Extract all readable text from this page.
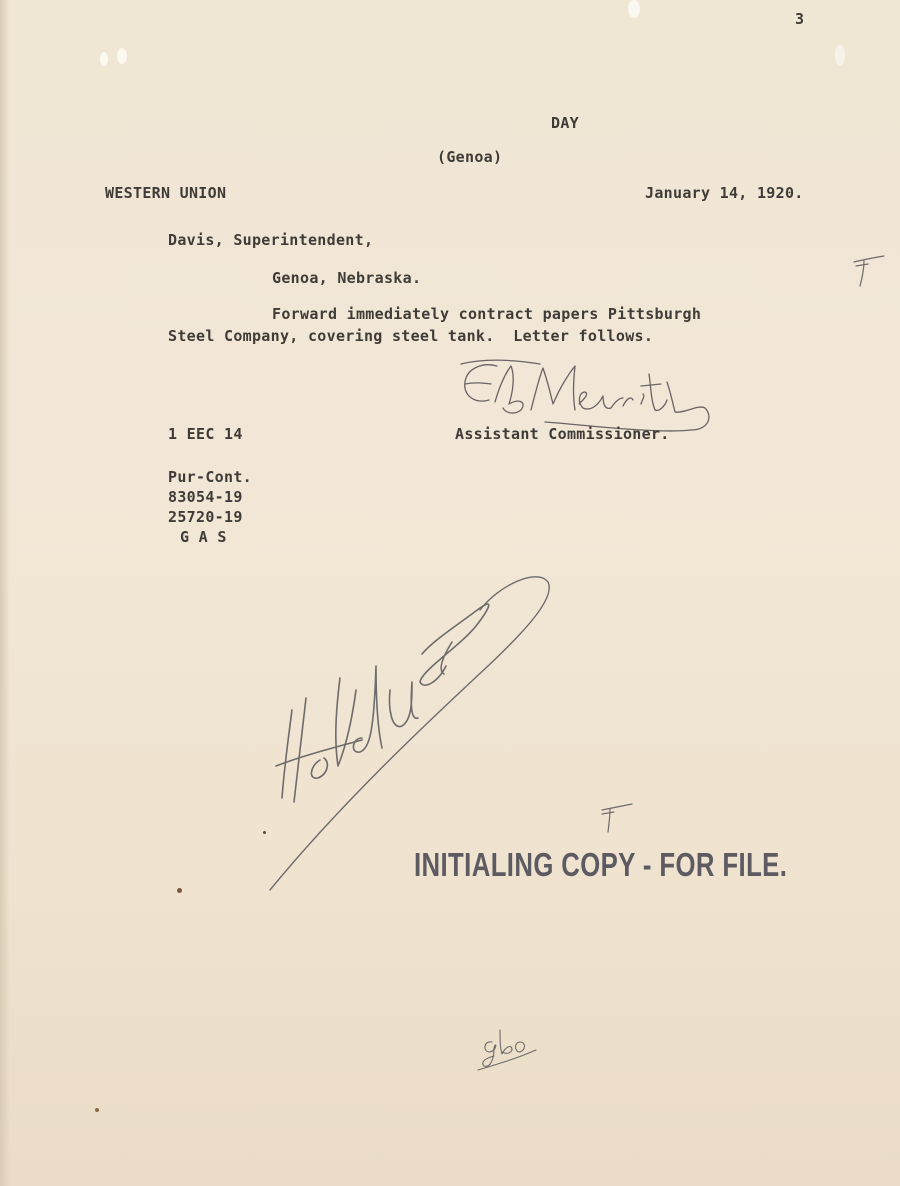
3
DAY
(Genoa)
WESTERN UNION	January 14, 1920.
Davis, Superintendent,
Genoa, Nebraska.
Forward immediately contract papers Pittsburgh
Steel Company, covering steel tank.  Letter follows.
1 EEC 14	Assistant Commissioner.
Pur-Cont.
83054-19
25720-19
G A S
INITIALING COPY - FOR FILE.
